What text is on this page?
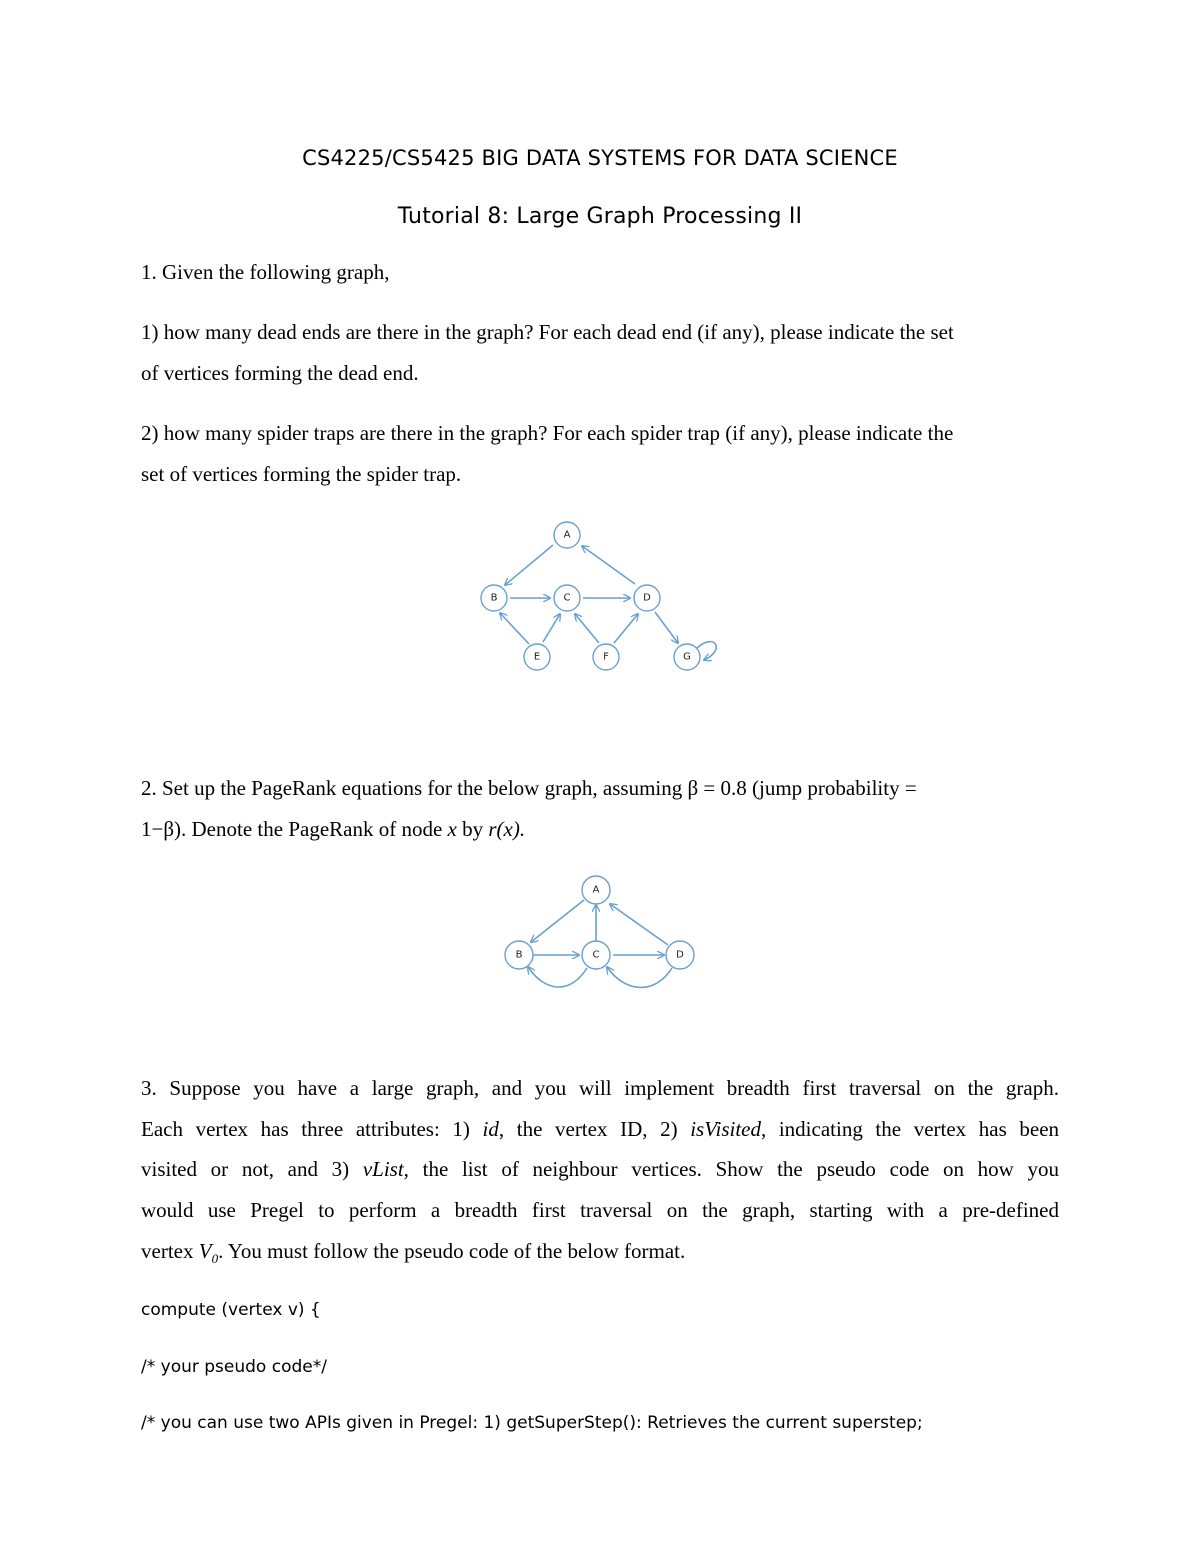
CS4225/CS5425 BIG DATA SYSTEMS FOR DATA SCIENCE
Tutorial 8: Large Graph Processing II
1. Given the following graph,
1) how many dead ends are there in the graph? For each dead end (if any), please indicate the set
of vertices forming the dead end.
2) how many spider traps are there in the graph? For each spider trap (if any), please indicate the
set of vertices forming the spider trap.
A
B	C	D
E	F	G
2. Set up the PageRank equations for the below graph, assuming β = 0.8 (jump probability =
1−β). Denote the PageRank of node x by r(x).
A
B	C	D
3. Suppose you have a large graph, and you will implement breadth first traversal on the graph.
Each vertex has three attributes: 1) id, the vertex ID, 2) isVisited, indicating the vertex has been
visited or not, and 3) vList, the list of neighbour vertices. Show the pseudo code on how you
would use Pregel to perform a breadth first traversal on the graph, starting with a pre-defined
vertex $V_0$. You must follow the pseudo code of the below format.
compute (vertex v) {
/* your pseudo code*/
/* you can use two APIs given in Pregel: 1) getSuperStep(): Retrieves the current superstep;
